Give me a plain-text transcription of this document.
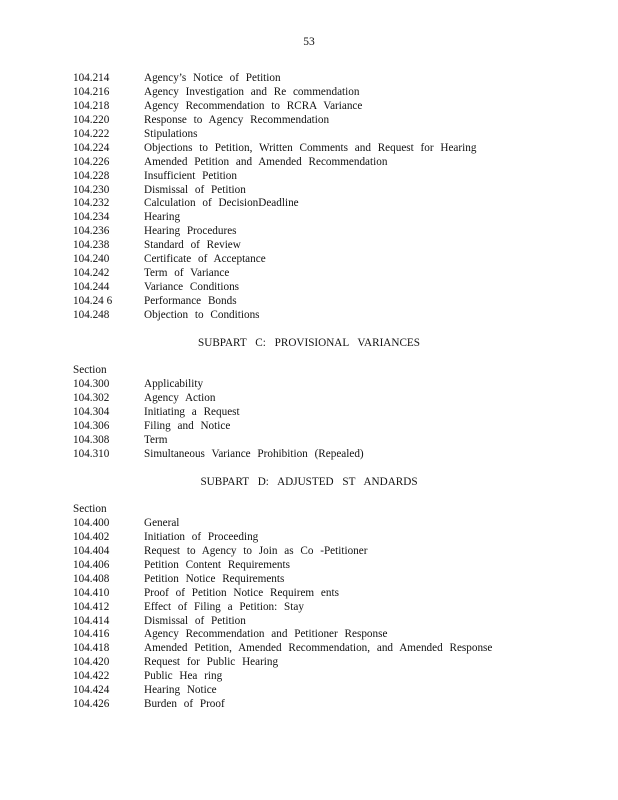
53
104.214	Agency’s Notice of Petition
104.216	Agency Investigation and Re commendation
104.218	Agency Recommendation to RCRA Variance
104.220	Response to Agency Recommendation
104.222	Stipulations
104.224	Objections to Petition, Written Comments and Request for Hearing
104.226	Amended Petition and Amended Recommendation
104.228	Insufficient Petition
104.230	Dismissal of Petition
104.232	Calculation of DecisionDeadline
104.234	Hearing
104.236	Hearing Procedures
104.238	Standard of Review
104.240	Certificate of Acceptance
104.242	Term of Variance
104.244	Variance Conditions
104.24 6	Performance Bonds
104.248	Objection to Conditions
SUBPART C: PROVISIONAL VARIANCES
Section
104.300	Applicability
104.302	Agency Action
104.304	Initiating a Request
104.306	Filing and Notice
104.308	Term
104.310	Simultaneous Variance Prohibition (Repealed)
SUBPART D: ADJUSTED ST ANDARDS
Section
104.400	General
104.402	Initiation of Proceeding
104.404	Request to Agency to Join as Co -Petitioner
104.406	Petition Content Requirements
104.408	Petition Notice Requirements
104.410	Proof of Petition Notice Requirem ents
104.412	Effect of Filing a Petition: Stay
104.414	Dismissal of Petition
104.416	Agency Recommendation and Petitioner Response
104.418	Amended Petition, Amended Recommendation, and Amended Response
104.420	Request for Public Hearing
104.422	Public Hea ring
104.424	Hearing Notice
104.426	Burden of Proof
